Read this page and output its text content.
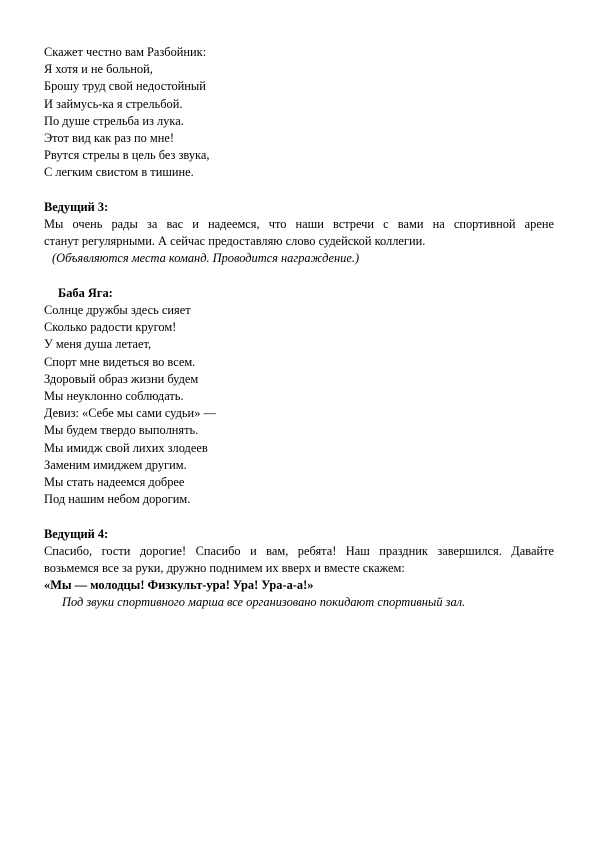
Скажет честно вам Разбойник:
Я хотя и не больной,
Брошу труд свой недостойный
И займусь-ка я стрельбой.
По душе стрельба из лука.
Этот вид как раз по мне!
Рвутся стрелы в цель без звука,
С легким свистом в тишине.
Ведущий 3:
Мы очень рады за вас и надеемся, что наши встречи с вами на спортивной арене
станут регулярными. А сейчас предоставляю слово судейской коллегии.
(Объявляются места команд. Проводится награждение.)
Баба Яга:
Солнце дружбы здесь сияет
Сколько радости кругом!
У меня душа летает,
Спорт мне видеться во всем.
Здоровый образ жизни будем
Мы неуклонно соблюдать.
Девиз: «Себе мы сами судьи» —
Мы будем твердо выполнять.
Мы имидж свой лихих злодеев
Заменим имиджем другим.
Мы стать надеемся добрее
Под нашим небом дорогим.
Ведущий 4:
Спасибо, гости дорогие! Спасибо и вам, ребята! Наш праздник завершился. Давайте
возьмемся все за руки, дружно поднимем их вверх и вместе скажем:
«Мы — молодцы! Физкульт-ура! Ура! Ура-а-а!»
Под звуки спортивного марша все организовано покидают спортивный зал.
